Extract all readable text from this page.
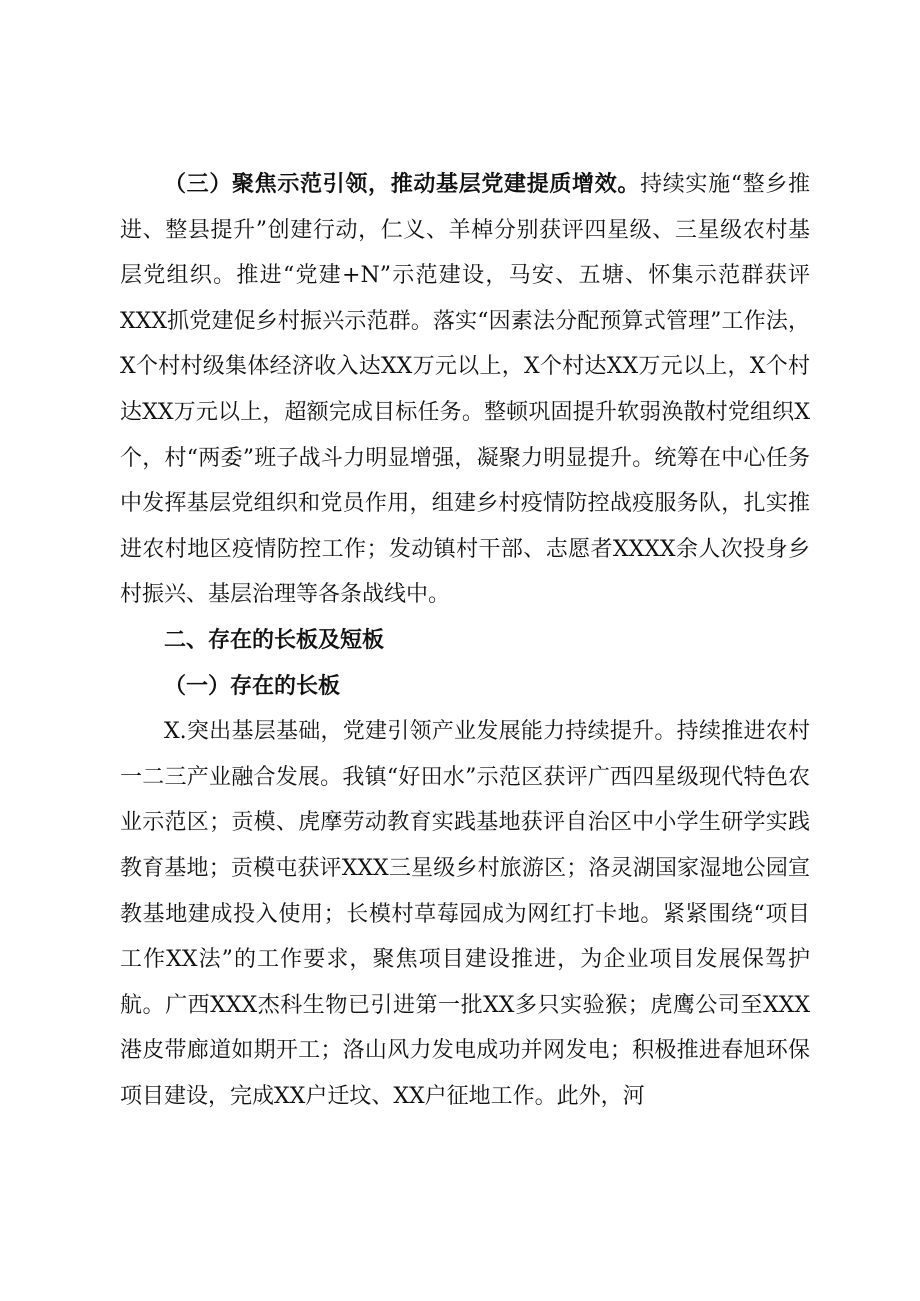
（三）聚焦示范引领，推动基层党建提质增效。持续实施“整乡推进、整县提升”创建行动，仁义、羊棹分别获评四星级、三星级农村基层党组织。推进“党建+N”示范建设，马安、五塘、怀集示范群获评XXX抓党建促乡村振兴示范群。落实“因素法分配预算式管理”工作法，X个村村级集体经济收入达XX万元以上，X个村达XX万元以上，X个村达XX万元以上，超额完成目标任务。整顿巩固提升软弱涣散村党组织X个，村“两委”班子战斗力明显增强，凝聚力明显提升。统筹在中心任务中发挥基层党组织和党员作用，组建乡村疫情防控战疫服务队，扎实推进农村地区疫情防控工作；发动镇村干部、志愿者XXXX余人次投身乡村振兴、基层治理等各条战线中。

二、存在的长板及短板

（一）存在的长板

X.突出基层基础，党建引领产业发展能力持续提升。持续推进农村一二三产业融合发展。我镇“好田水”示范区获评广西四星级现代特色农业示范区；贡模、虎摩劳动教育实践基地获评自治区中小学生研学实践教育基地；贡模屯获评XXX三星级乡村旅游区；洛灵湖国家湿地公园宣教基地建成投入使用；长模村草莓园成为网红打卡地。紧紧围绕“项目工作XX法”的工作要求，聚焦项目建设推进，为企业项目发展保驾护航。广西XXX杰科生物已引进第一批XX多只实验猴；虎鹰公司至XXX港皮带廊道如期开工；洛山风力发电成功并网发电；积极推进春旭环保项目建设，完成XX户迁坟、XX户征地工作。此外，河
